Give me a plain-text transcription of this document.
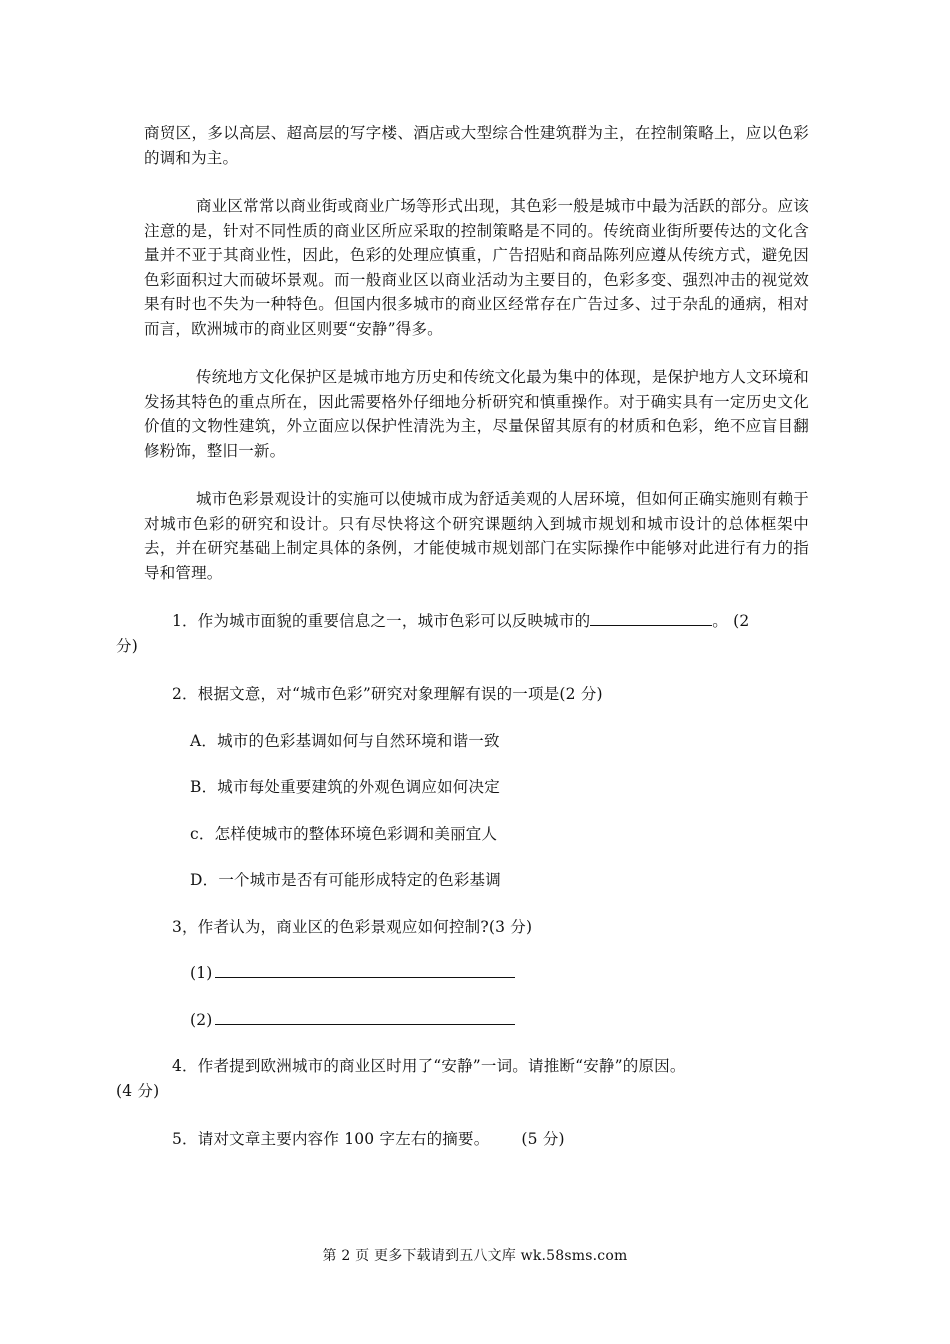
商贸区，多以高层、超高层的写字楼、酒店或大型综合性建筑群为主，在控制策略上，应以色彩的调和为主。

商业区常常以商业街或商业广场等形式出现，其色彩一般是城市中最为活跃的部分。应该注意的是，针对不同性质的商业区所应采取的控制策略是不同的。传统商业街所要传达的文化含量并不亚于其商业性，因此，色彩的处理应慎重，广告招贴和商品陈列应遵从传统方式，避免因色彩面积过大而破坏景观。而一般商业区以商业活动为主要目的，色彩多变、强烈冲击的视觉效果有时也不失为一种特色。但国内很多城市的商业区经常存在广告过多、过于杂乱的通病，相对而言，欧洲城市的商业区则要“安静”得多。

传统地方文化保护区是城市地方历史和传统文化最为集中的体现，是保护地方人文环境和发扬其特色的重点所在，因此需要格外仔细地分析研究和慎重操作。对于确实具有一定历史文化价值的文物性建筑，外立面应以保护性清洗为主，尽量保留其原有的材质和色彩，绝不应盲目翻修粉饰，整旧一新。

城市色彩景观设计的实施可以使城市成为舒适美观的人居环境，但如何正确实施则有赖于对城市色彩的研究和设计。只有尽快将这个研究课题纳入到城市规划和城市设计的总体框架中去，并在研究基础上制定具体的条例，才能使城市规划部门在实际操作中能够对此进行有力的指导和管理。

1．作为城市面貌的重要信息之一，城市色彩可以反映城市的	。 (2
分)

2．根据文意，对“城市色彩”研究对象理解有误的一项是(2 分)

A．城市的色彩基调如何与自然环境和谐一致

B．城市每处重要建筑的外观色调应如何决定

c．怎样使城市的整体环境色彩调和美丽宜人

D．一个城市是否有可能形成特定的色彩基调

3，作者认为，商业区的色彩景观应如何控制?(3 分)

(1)
(2)
4．作者提到欧洲城市的商业区时用了“安静”一词。请推断“安静”的原因。
(4 分)

5．请对文章主要内容作 100 字左右的摘要。 (5 分)

第 2 页 更多下载请到五八文库 wk.58sms.com
